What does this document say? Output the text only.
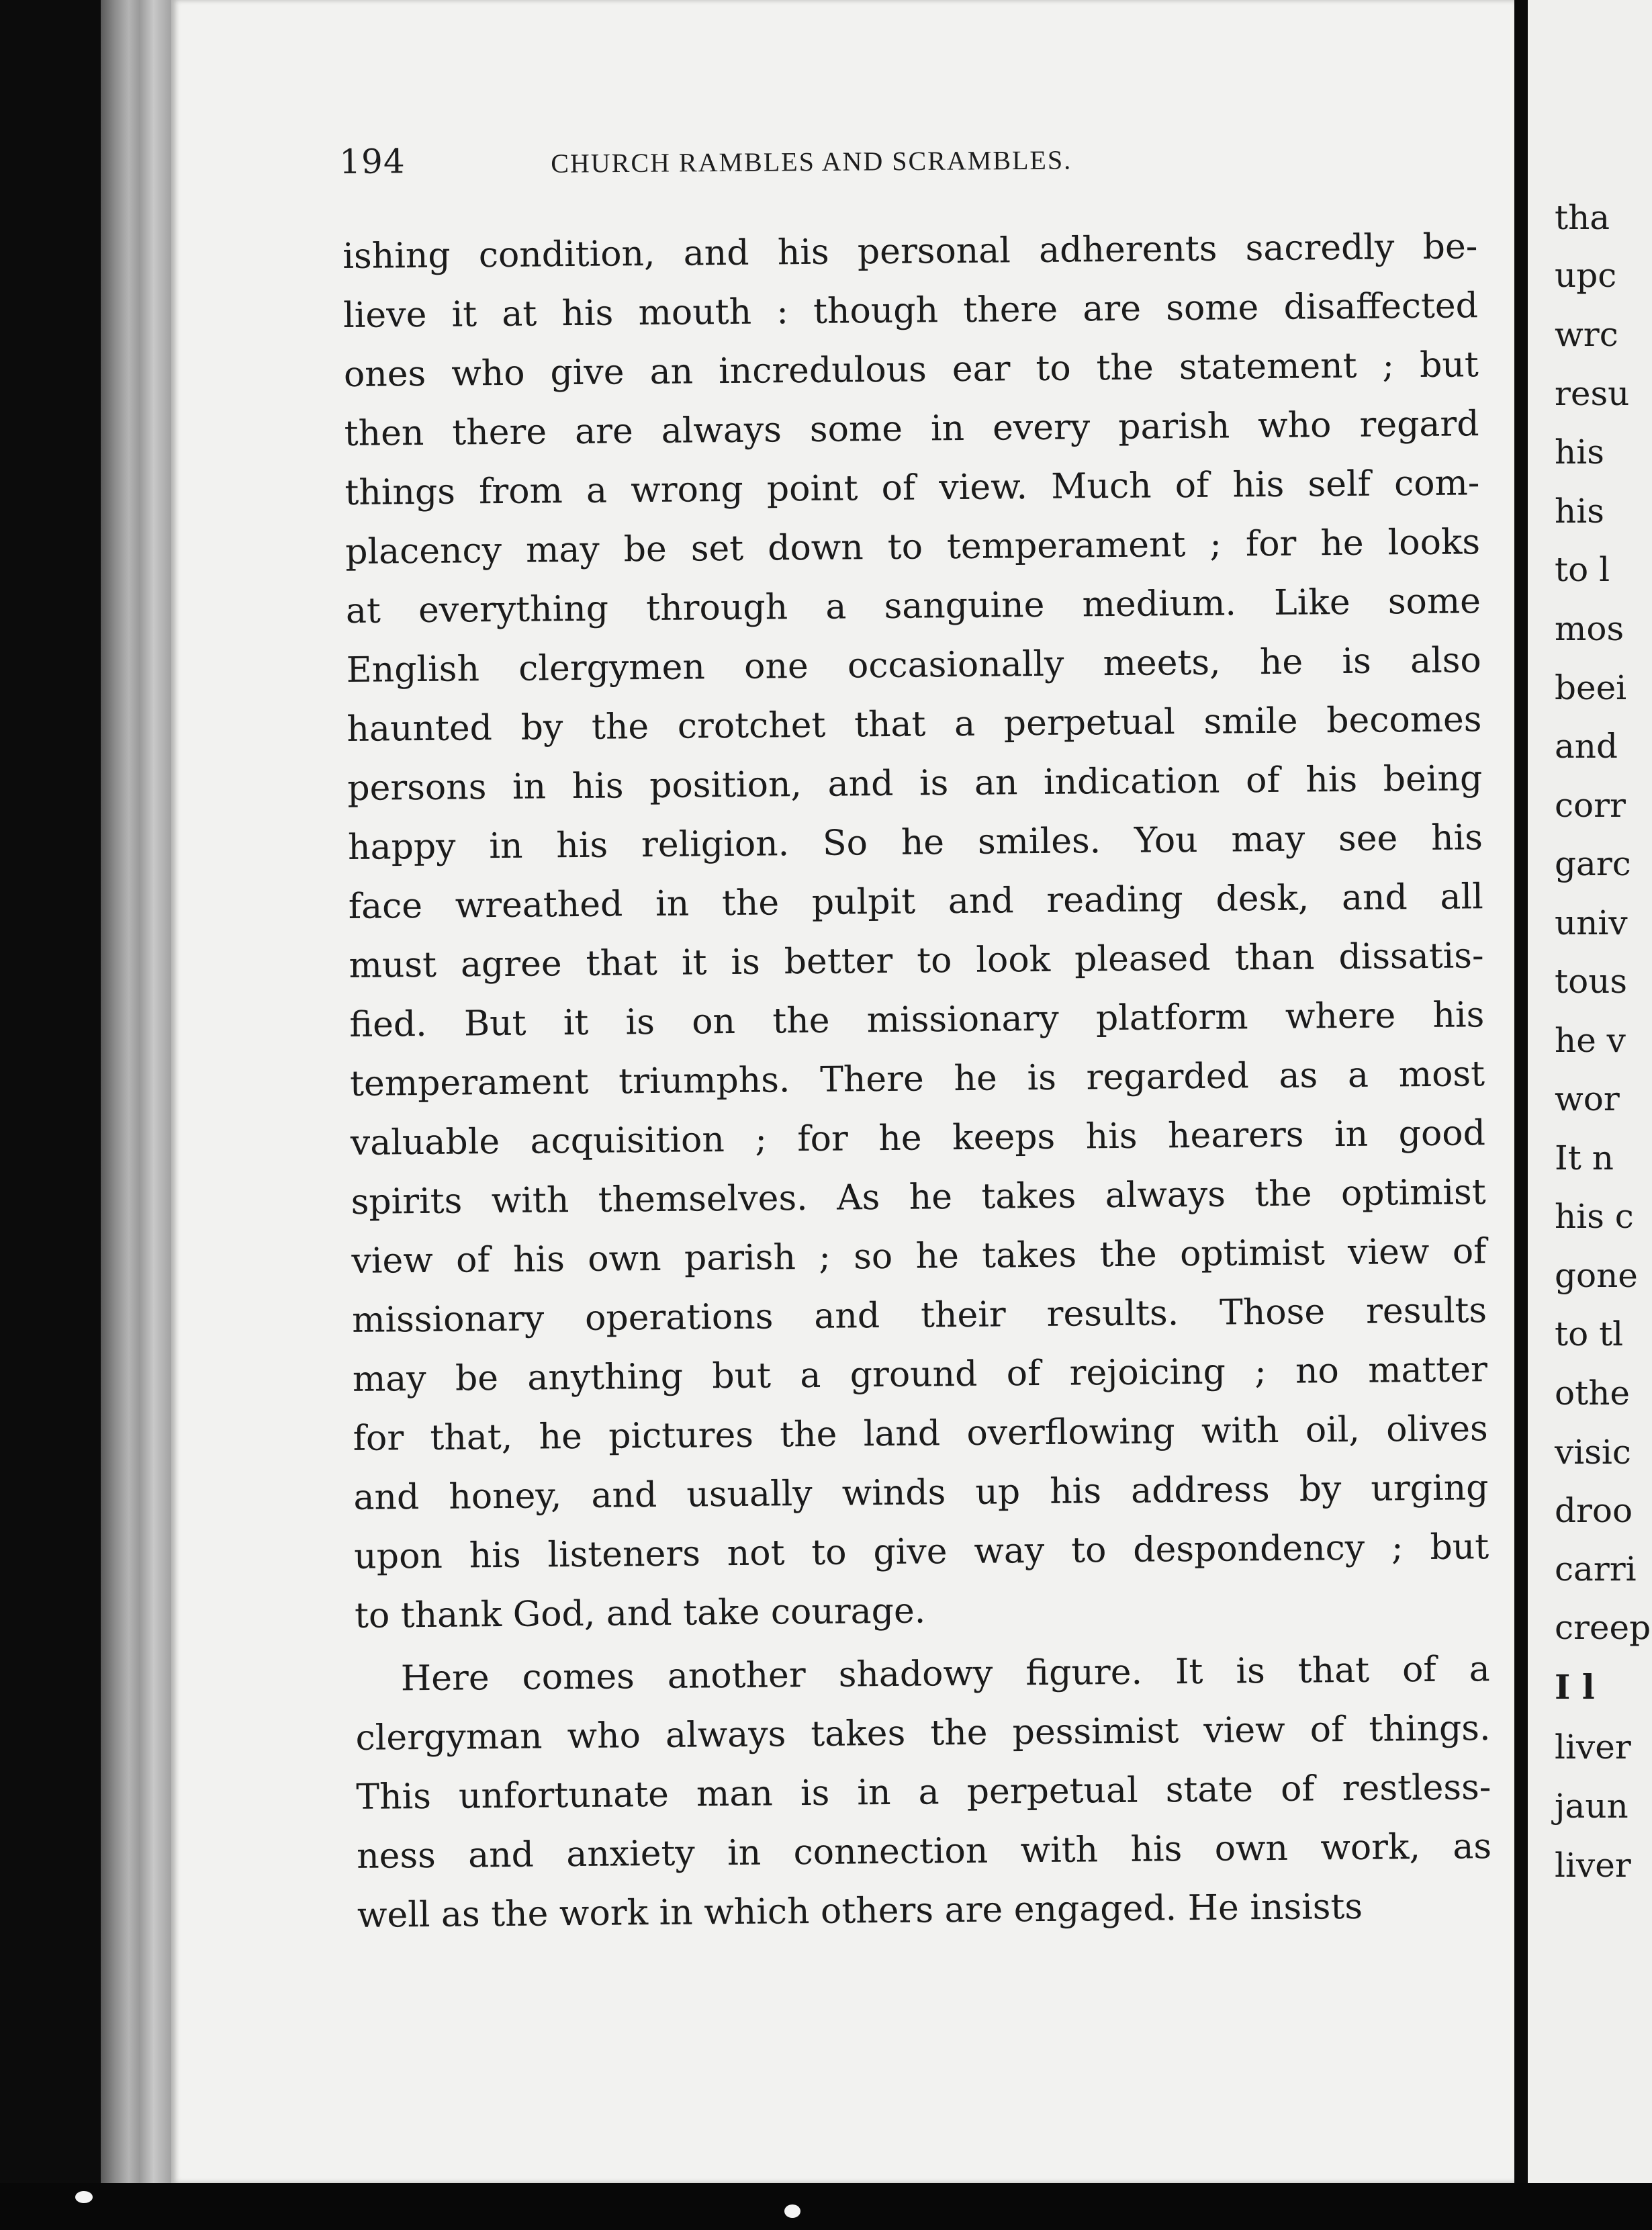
194	CHURCH RAMBLES AND SCRAMBLES.
ishing condition, and his personal adherents sacredly be-
lieve it at his mouth : though there are some disaffected
ones who give an incredulous ear to the statement ; but
then there are always some in every parish who regard
things from a wrong point of view. Much of his self com-
placency may be set down to temperament ; for he looks
at everything through a sanguine medium. Like some
English clergymen one occasionally meets, he is also
haunted by the crotchet that a perpetual smile becomes
persons in his position, and is an indication of his being
happy in his religion. So he smiles. You may see his
face wreathed in the pulpit and reading desk, and all
must agree that it is better to look pleased than dissatis-
fied. But it is on the missionary platform where his
temperament triumphs. There he is regarded as a most
valuable acquisition ; for he keeps his hearers in good
spirits with themselves. As he takes always the optimist
view of his own parish ; so he takes the optimist view of
missionary operations and their results. Those results
may be anything but a ground of rejoicing ; no matter
for that, he pictures the land overflowing with oil, olives
and honey, and usually winds up his address by urging
upon his listeners not to give way to despondency ; but
to thank God, and take courage.
Here comes another shadowy figure. It is that of a
clergyman who always takes the pessimist view of things.
This unfortunate man is in a perpetual state of restless-
ness and anxiety in connection with his own work, as
well as the work in which others are engaged. He insists
tha
upc
wrc
resu
his
his
to l
mos
beei
and
corr
garc
univ
tous
he v
wor
It n
his c
gone
to tl
othe
visic
droo
carri
creep
I l
liver
jaun
liver
